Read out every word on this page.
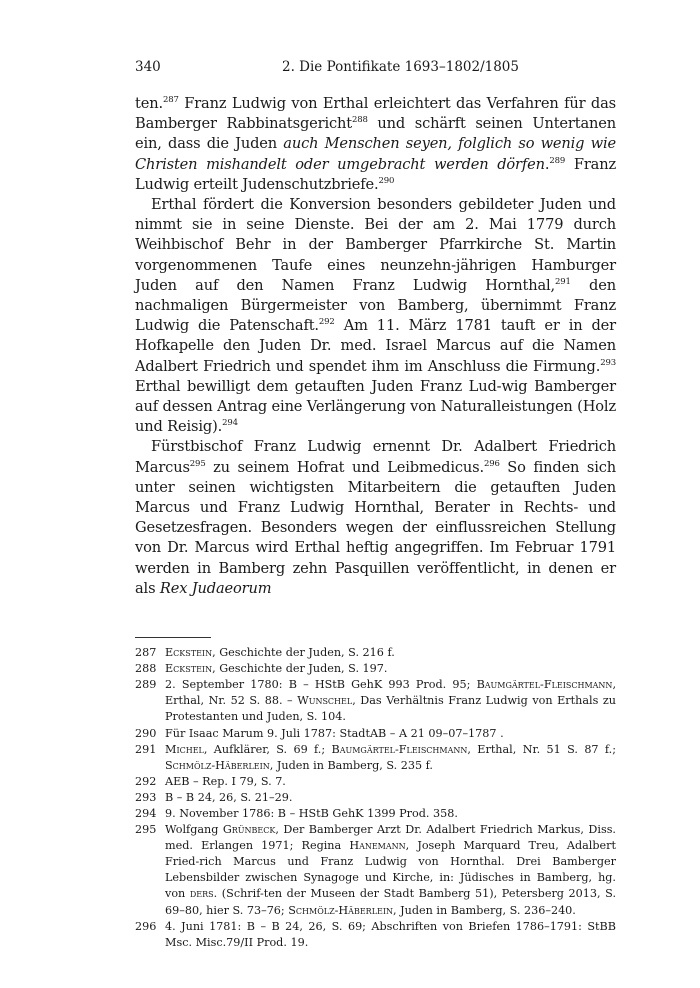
340	2. Die Pontifikate 1693–1802/1805

ten.$^{287}$ Franz Ludwig von Erthal erleichtert das Verfahren für das Bamberger Rabbinatsgericht$^{288}$ und schärft seinen Untertanen ein, dass die Juden auch Menschen seyen, folglich so wenig wie Christen mishandelt oder umgebracht werden dörfen.$^{289}$ Franz Ludwig erteilt Judenschutzbriefe.$^{290}$

Erthal fördert die Konversion besonders gebildeter Juden und nimmt sie in seine Dienste. Bei der am 2. Mai 1779 durch Weihbischof Behr in der Bamberger Pfarrkirche St. Martin vorgenommenen Taufe eines neunzehn-jährigen Hamburger Juden auf den Namen Franz Ludwig Hornthal,$^{291}$ den nachmaligen Bürgermeister von Bamberg, übernimmt Franz Ludwig die Patenschaft.$^{292}$ Am 11. März 1781 tauft er in der Hofkapelle den Juden Dr. med. Israel Marcus auf die Namen Adalbert Friedrich und spendet ihm im Anschluss die Firmung.$^{293}$ Erthal bewilligt dem getauften Juden Franz Lud-wig Bamberger auf dessen Antrag eine Verlängerung von Naturalleistungen (Holz und Reisig).$^{294}$

Fürstbischof Franz Ludwig ernennt Dr. Adalbert Friedrich Marcus$^{295}$ zu seinem Hofrat und Leibmedicus.$^{296}$ So finden sich unter seinen wichtigsten Mitarbeitern die getauften Juden Marcus und Franz Ludwig Hornthal, Berater in Rechts- und Gesetzesfragen. Besonders wegen der einflussreichen Stellung von Dr. Marcus wird Erthal heftig angegriffen. Im Februar 1791 werden in Bamberg zehn Pasquillen veröffentlicht, in denen er als Rex Judaeorum

287 Eckstein, Geschichte der Juden, S. 216 f.
288 Eckstein, Geschichte der Juden, S. 197.
289 2. September 1780: B – HStB GehK 993 Prod. 95; Baumgärtel-Fleischmann, Erthal, Nr. 52 S. 88. – Wunschel, Das Verhältnis Franz Ludwig von Erthals zu Protestanten und Juden, S. 104.
290 Für Isaac Marum 9. Juli 1787: StadtAB – A 21 09–07–1787 .
291 Michel, Aufklärer, S. 69 f.; Baumgärtel-Fleischmann, Erthal, Nr. 51 S. 87 f.; Schmölz-Häberlein, Juden in Bamberg, S. 235 f.
292 AEB – Rep. I 79, S. 7.
293 B – B 24, 26, S. 21–29.
294 9. November 1786: B – HStB GehK 1399 Prod. 358.
295 Wolfgang Grünbeck, Der Bamberger Arzt Dr. Adalbert Friedrich Markus, Diss. med. Erlangen 1971; Regina Hanemann, Joseph Marquard Treu, Adalbert Fried-rich Marcus und Franz Ludwig von Hornthal. Drei Bamberger Lebensbilder zwischen Synagoge und Kirche, in: Jüdisches in Bamberg, hg. von ders. (Schrif-ten der Museen der Stadt Bamberg 51), Petersberg 2013, S. 69–80, hier S. 73–76; Schmölz-Häberlein, Juden in Bamberg, S. 236–240.
296 4. Juni 1781: B – B 24, 26, S. 69; Abschriften von Briefen 1786–1791: StBB Msc. Misc.79/II Prod. 19.
